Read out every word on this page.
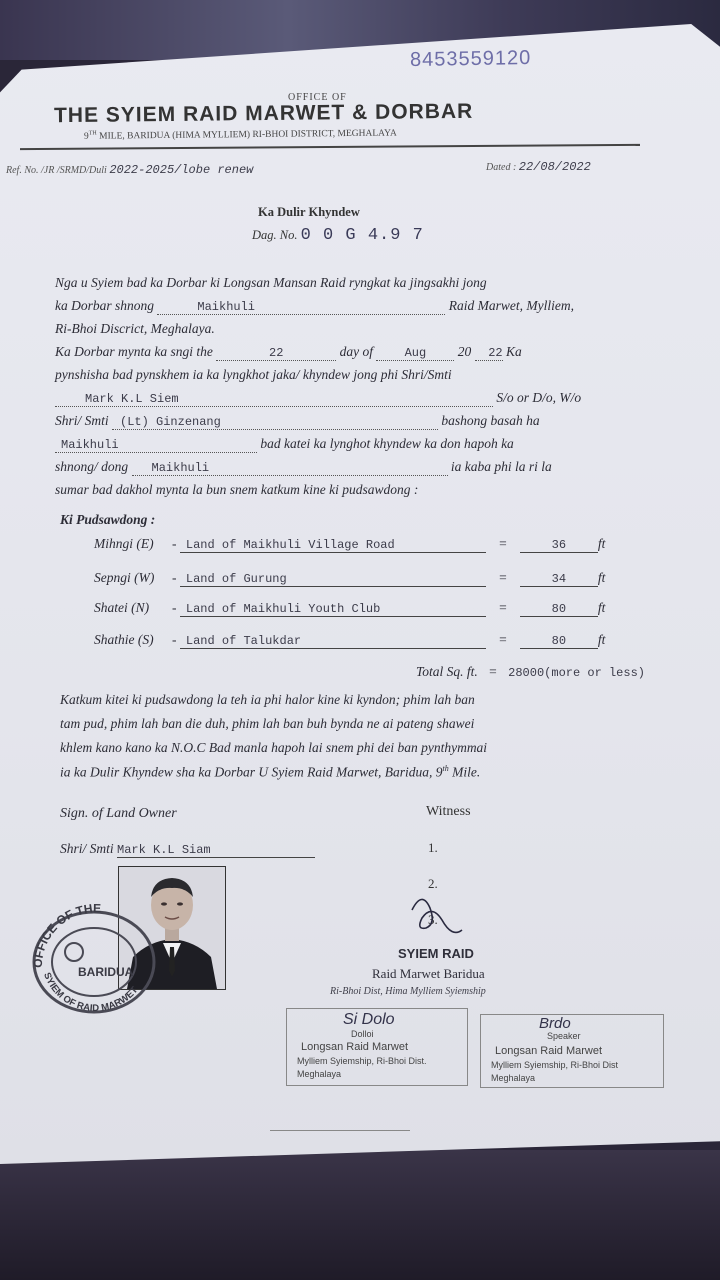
8453559120
OFFICE OF
THE SYIEM RAID MARWET & DORBAR
9TH MILE, BARIDUA (HIMA MYLLIEM) RI-BHOI DISTRICT, MEGHALAYA
Ref. No. /JR /SRMD/Duli 2022-2025/lobe renew	Dated : 22/08/2022
Ka Dulir Khyndew
Dag. No. 0 0 G 4.9 7
Nga u Syiem bad ka Dorbar ki Longsan Mansan Raid ryngkat ka jingsakhi jong
ka Dorbar shnong	Maikhuli	Raid Marwet, Mylliem,
Ri-Bhoi Discrict, Meghalaya.
Ka Dorbar mynta ka sngi the	22	day of	Aug 20 22 Ka
pynshisha bad pynskhem ia ka lyngkhot jaka/ khyndew jong phi Shri/Smti
Mark K.L Siem	S/o or D/o, W/o
Shri/ Smti (Lt) Ginzenang	bashong basah ha
Maikhuli	bad katei ka lynghot khyndew ka don hapoh ka
shnong/ dong Maikhuli	ia kaba phi la ri la
sumar bad dakhol mynta la bun snem katkum kine ki pudsawdong :
Ki Pudsawdong :
Mihngi (E) - Land of Maikhuli Village Road	=	36 ft
Sepngi (W) - Land of Gurung	=	34 ft
Shatei (N) - Land of Maikhuli Youth Club	=	80 ft
Shathie (S) - Land of Talukdar	=	80 ft
Total Sq. ft. = 28000(more or less)
Katkum kitei ki pudsawdong la teh ia phi halor kine ki kyndon; phim lah ban
tam pud, phim lah ban die duh, phim lah ban buh bynda ne ai pateng shawei
khlem kano kano ka N.O.C Bad manla hapoh lai snem phi dei ban pynthymmai
ia ka Dulir Khyndew sha ka Dorbar U Syiem Raid Marwet, Baridua, 9th Mile.
Sign. of Land Owner	Witness
Shri/ Smti Mark K.L Siam	1.
2.
3.
OFFICE OF THE
SYIEM OF RAID MARWET
BARIDUA
SYIEM RAID
Raid Marwet Baridua
Ri-Bhoi Dist, Hima Mylliem Syiemship
Si Dolo
Dolloi
Longsan Raid Marwet
Mylliem Syiemship, Ri-Bhoi Dist.
Meghalaya
Brdo
Speaker
Longsan Raid Marwet
Mylliem Syiemship, Ri-Bhoi Dist
Meghalaya
